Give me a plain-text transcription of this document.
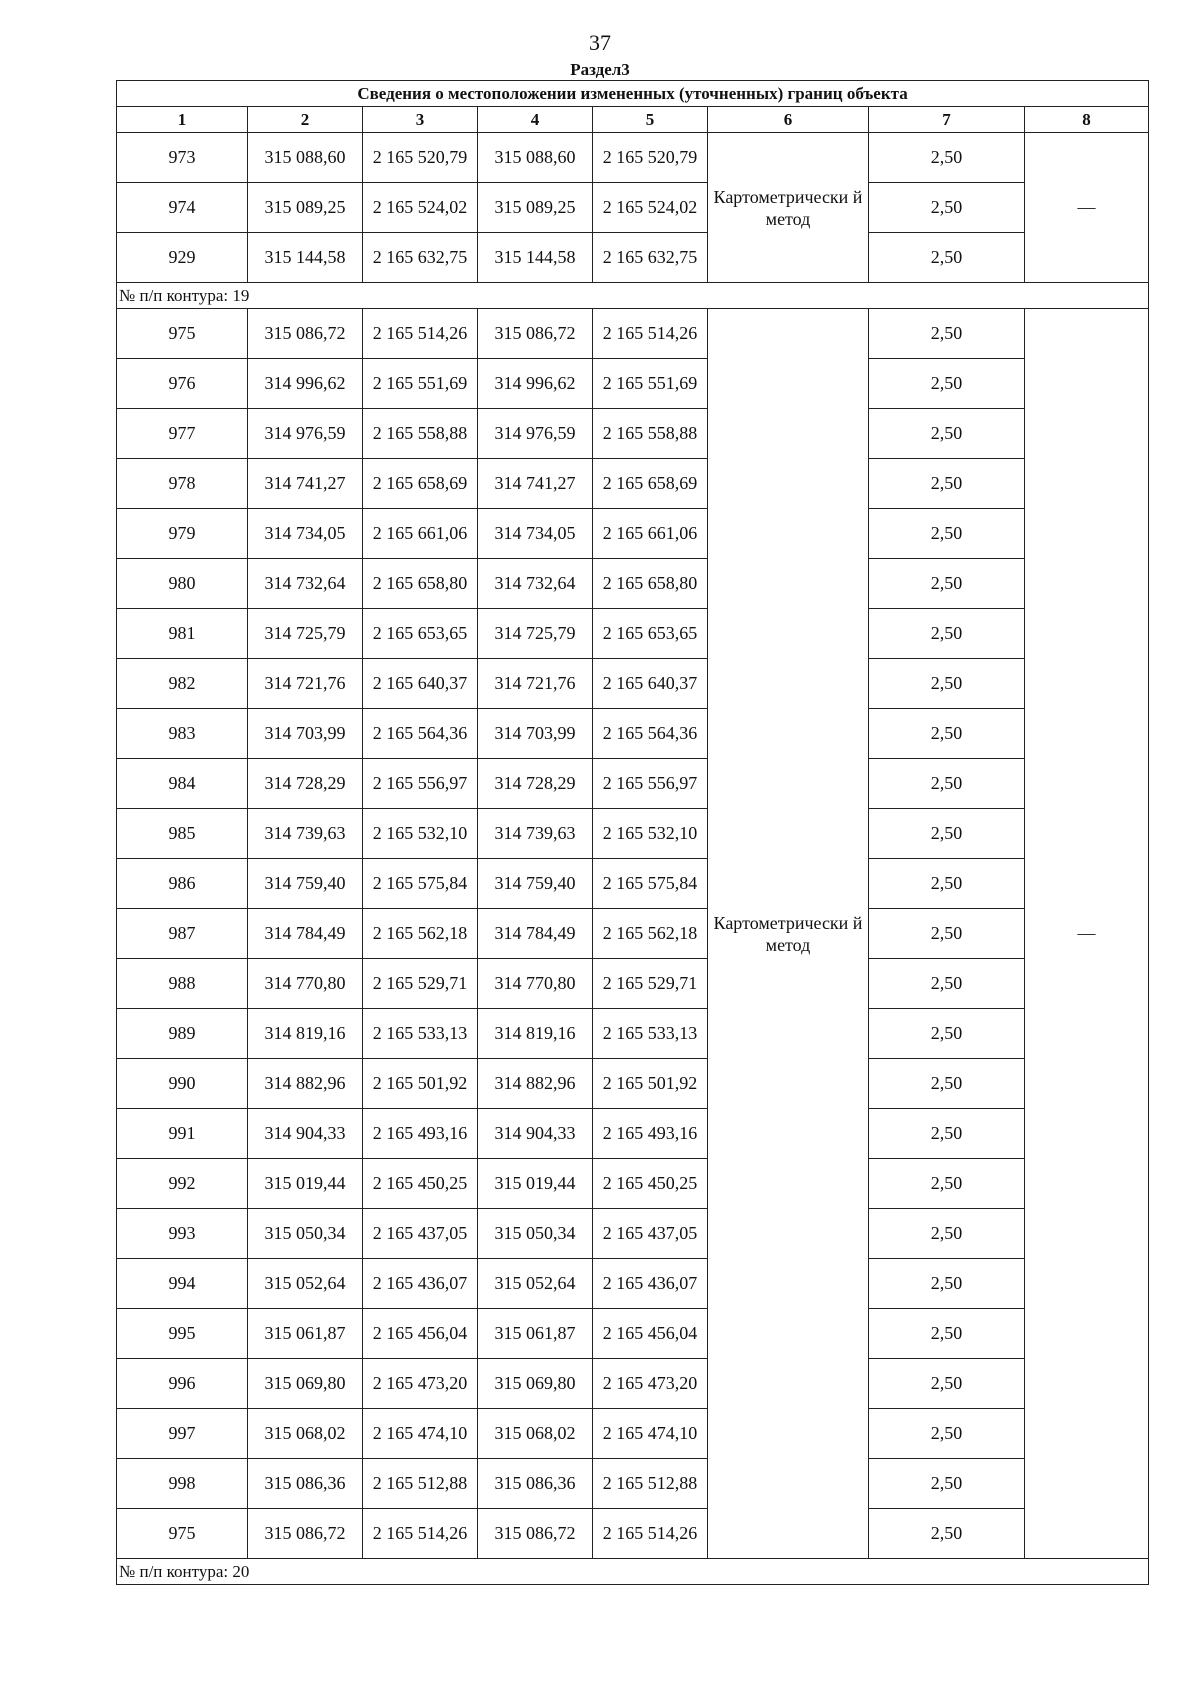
37
Раздел3
Сведения о местоположении измененных (уточненных) границ объекта							
1	2	3	4	5	6	7	8
973	315 088,60	2 165 520,79	315 088,60	2 165 520,79	Картометрически й метод	2,50	—
974	315 089,25	2 165 524,02	315 089,25	2 165 524,02		2,50	
929	315 144,58	2 165 632,75	315 144,58	2 165 632,75		2,50	
№ п/п контура: 19							
975	315 086,72	2 165 514,26	315 086,72	2 165 514,26	Картометрически й метод	2,50	—
976	314 996,62	2 165 551,69	314 996,62	2 165 551,69		2,50	
977	314 976,59	2 165 558,88	314 976,59	2 165 558,88		2,50	
978	314 741,27	2 165 658,69	314 741,27	2 165 658,69		2,50	
979	314 734,05	2 165 661,06	314 734,05	2 165 661,06		2,50	
980	314 732,64	2 165 658,80	314 732,64	2 165 658,80		2,50	
981	314 725,79	2 165 653,65	314 725,79	2 165 653,65		2,50	
982	314 721,76	2 165 640,37	314 721,76	2 165 640,37		2,50	
983	314 703,99	2 165 564,36	314 703,99	2 165 564,36		2,50	
984	314 728,29	2 165 556,97	314 728,29	2 165 556,97		2,50	
985	314 739,63	2 165 532,10	314 739,63	2 165 532,10		2,50	
986	314 759,40	2 165 575,84	314 759,40	2 165 575,84		2,50	
987	314 784,49	2 165 562,18	314 784,49	2 165 562,18		2,50	
988	314 770,80	2 165 529,71	314 770,80	2 165 529,71		2,50	
989	314 819,16	2 165 533,13	314 819,16	2 165 533,13		2,50	
990	314 882,96	2 165 501,92	314 882,96	2 165 501,92		2,50	
991	314 904,33	2 165 493,16	314 904,33	2 165 493,16		2,50	
992	315 019,44	2 165 450,25	315 019,44	2 165 450,25		2,50	
993	315 050,34	2 165 437,05	315 050,34	2 165 437,05		2,50	
994	315 052,64	2 165 436,07	315 052,64	2 165 436,07		2,50	
995	315 061,87	2 165 456,04	315 061,87	2 165 456,04		2,50	
996	315 069,80	2 165 473,20	315 069,80	2 165 473,20		2,50	
997	315 068,02	2 165 474,10	315 068,02	2 165 474,10		2,50	
998	315 086,36	2 165 512,88	315 086,36	2 165 512,88		2,50	
975	315 086,72	2 165 514,26	315 086,72	2 165 514,26		2,50	
№ п/п контура: 20							
